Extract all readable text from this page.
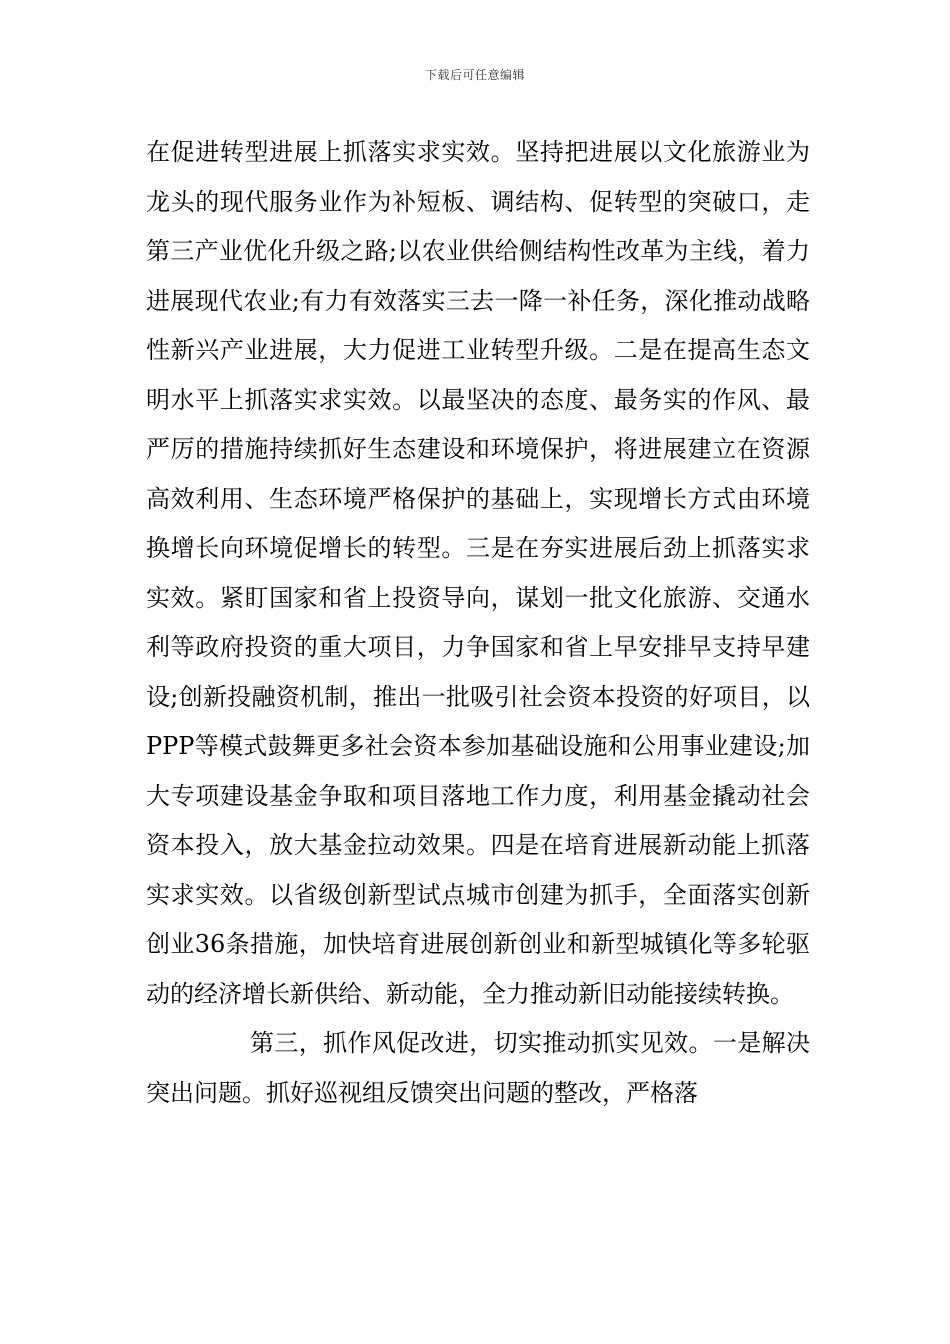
下载后可任意编辑

在促进转型进展上抓落实求实效。坚持把进展以文化旅游业为龙头的现代服务业作为补短板、调结构、促转型的突破口，走第三产业优化升级之路;以农业供给侧结构性改革为主线，着力进展现代农业;有力有效落实三去一降一补任务，深化推动战略性新兴产业进展，大力促进工业转型升级。二是在提高生态文明水平上抓落实求实效。以最坚决的态度、最务实的作风、最严厉的措施持续抓好生态建设和环境保护，将进展建立在资源高效利用、生态环境严格保护的基础上，实现增长方式由环境换增长向环境促增长的转型。三是在夯实进展后劲上抓落实求实效。紧盯国家和省上投资导向，谋划一批文化旅游、交通水利等政府投资的重大项目，力争国家和省上早安排早支持早建设;创新投融资机制，推出一批吸引社会资本投资的好项目，以PPP等模式鼓舞更多社会资本参加基础设施和公用事业建设;加大专项建设基金争取和项目落地工作力度，利用基金撬动社会资本投入，放大基金拉动效果。四是在培育进展新动能上抓落实求实效。以省级创新型试点城市创建为抓手，全面落实创新创业36条措施，加快培育进展创新创业和新型城镇化等多轮驱动的经济增长新供给、新动能，全力推动新旧动能接续转换。

第三，抓作风促改进，切实推动抓实见效。一是解决突出问题。抓好巡视组反馈突出问题的整改，严格落
